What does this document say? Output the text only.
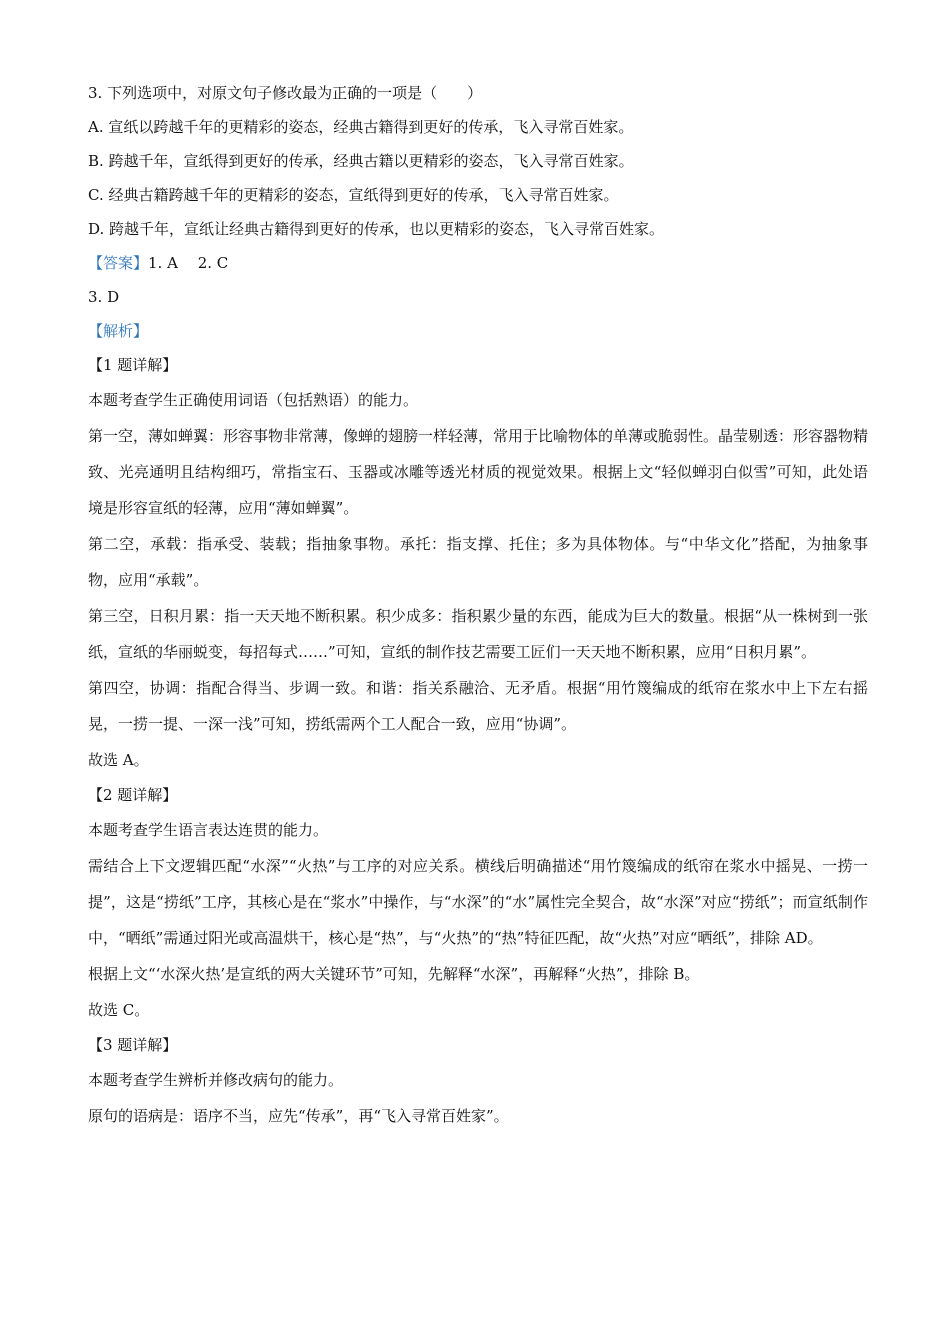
3. 下列选项中，对原文句子修改最为正确的一项是（　　）
A. 宣纸以跨越千年的更精彩的姿态，经典古籍得到更好的传承，飞入寻常百姓家。
B. 跨越千年，宣纸得到更好的传承，经典古籍以更精彩的姿态，飞入寻常百姓家。
C. 经典古籍跨越千年的更精彩的姿态，宣纸得到更好的传承，飞入寻常百姓家。
D. 跨越千年，宣纸让经典古籍得到更好的传承，也以更精彩的姿态，飞入寻常百姓家。
【答案】1. A　 2. C
3. D
【解析】
【1 题详解】
本题考查学生正确使用词语（包括熟语）的能力。
第一空，薄如蝉翼：形容事物非常薄，像蝉的翅膀一样轻薄，常用于比喻物体的单薄或脆弱性。晶莹剔透：形容器物精致、光亮通明且结构细巧，常指宝石、玉器或冰雕等透光材质的视觉效果。根据上文“轻似蝉羽白似雪”可知，此处语境是形容宣纸的轻薄，应用“薄如蝉翼”。
第二空，承载：指承受、装载；指抽象事物。承托：指支撑、托住；多为具体物体。与“中华文化”搭配，为抽象事物，应用“承载”。
第三空，日积月累：指一天天地不断积累。积少成多：指积累少量的东西，能成为巨大的数量。根据“从一株树到一张纸，宣纸的华丽蜕变，每招每式……”可知，宣纸的制作技艺需要工匠们一天天地不断积累，应用“日积月累”。
第四空，协调：指配合得当、步调一致。和谐：指关系融洽、无矛盾。根据“用竹篾编成的纸帘在浆水中上下左右摇晃，一捞一提、一深一浅”可知，捞纸需两个工人配合一致，应用“协调”。
故选 A。
【2 题详解】
本题考查学生语言表达连贯的能力。
需结合上下文逻辑匹配“水深”“火热”与工序的对应关系。横线后明确描述“用竹篾编成的纸帘在浆水中摇晃、一捞一提”，这是“捞纸”工序，其核心是在“浆水”中操作，与“水深”的“水”属性完全契合，故“水深”对应“捞纸”；而宣纸制作中，“晒纸”需通过阳光或高温烘干，核心是“热”，与“火热”的“热”特征匹配，故“火热”对应“晒纸”，排除 AD。
根据上文“‘水深火热’是宣纸的两大关键环节”可知，先解释“水深”，再解释“火热”，排除 B。
故选 C。
【3 题详解】
本题考查学生辨析并修改病句的能力。
原句的语病是：语序不当，应先“传承”，再“飞入寻常百姓家”。
